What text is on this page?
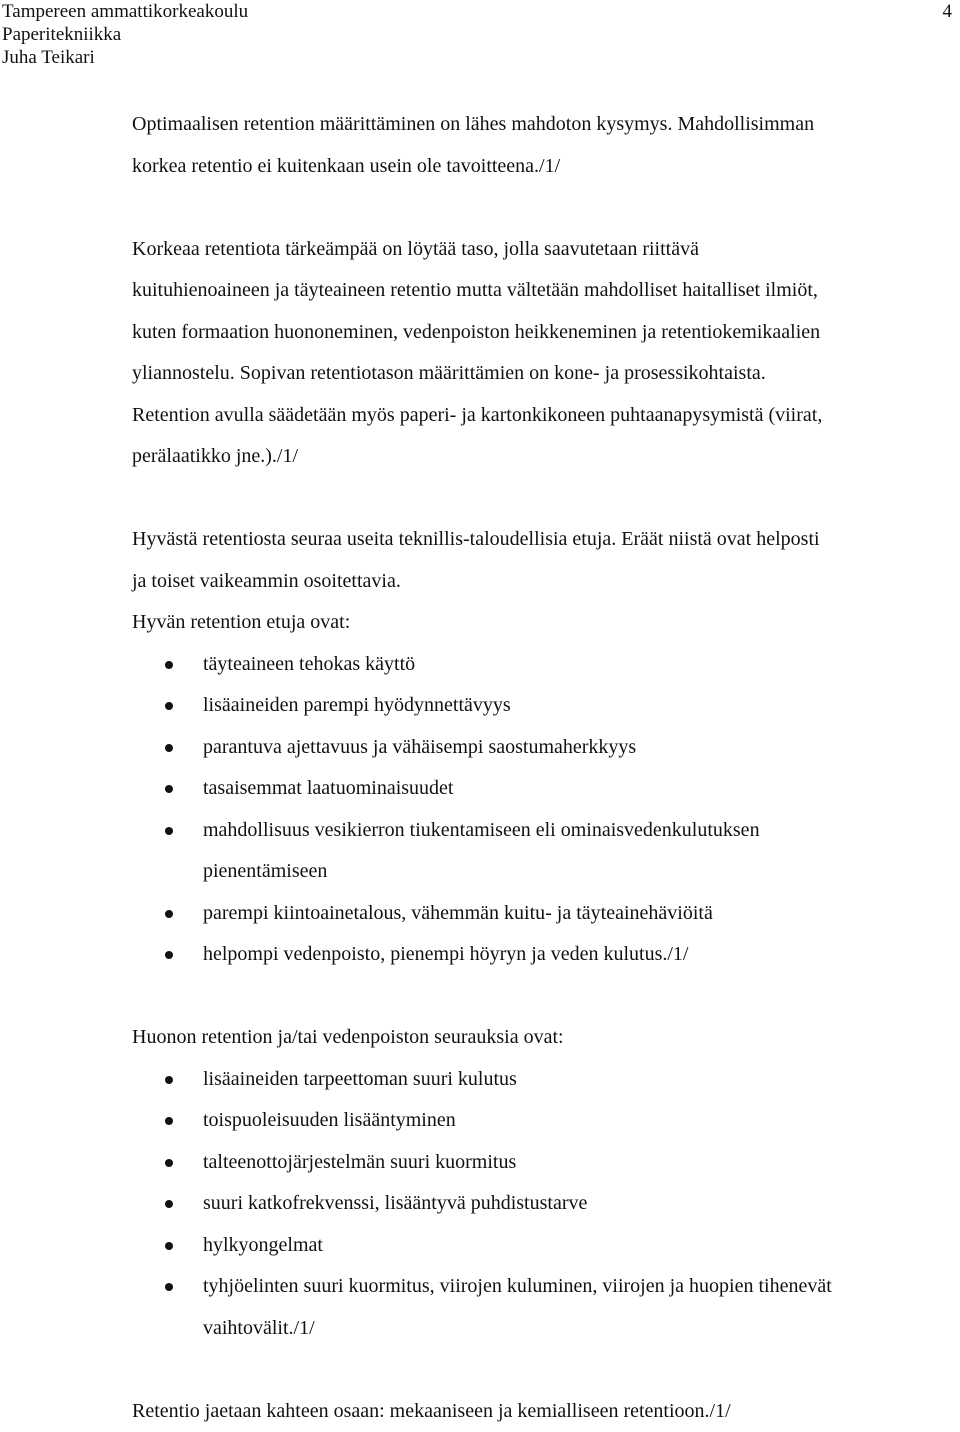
Tampereen ammattikorkeakoulu
Paperitekniikka
Juha Teikari
4

Optimaalisen retention määrittäminen on lähes mahdoton kysymys. Mahdollisimman
korkea retentio ei kuitenkaan usein ole tavoitteena./1/

Korkeaa retentiota tärkeämpää on löytää taso, jolla saavutetaan riittävä
kuituhienoaineen ja täyteaineen retentio mutta vältetään mahdolliset haitalliset ilmiöt,
kuten formaation huononeminen, vedenpoiston heikkeneminen ja retentiokemikaalien
yliannostelu. Sopivan retentiotason määrittämien on kone- ja prosessikohtaista.
Retention avulla säädetään myös paperi- ja kartonkikoneen puhtaanapysymistä (viirat,
perälaatikko jne.)./1/

Hyvästä retentiosta seuraa useita teknillis-taloudellisia etuja. Eräät niistä ovat helposti
ja toiset vaikeammin osoitettavia.
Hyvän retention etuja ovat:

täyteaineen tehokas käyttö
lisäaineiden parempi hyödynnettävyys
parantuva ajettavuus ja vähäisempi saostumaherkkyys
tasaisemmat laatuominaisuudet
mahdollisuus vesikierron tiukentamiseen eli ominaisvedenkulutuksen
pienentämiseen
parempi kiintoainetalous, vähemmän kuitu- ja täyteainehäviöitä
helpompi vedenpoisto, pienempi höyryn ja veden kulutus./1/

Huonon retention ja/tai vedenpoiston seurauksia ovat:

lisäaineiden tarpeettoman suuri kulutus
toispuoleisuuden lisääntyminen
talteenottojärjestelmän suuri kuormitus
suuri katkofrekvenssi, lisääntyvä puhdistustarve
hylkyongelmat
tyhjöelinten suuri kuormitus, viirojen kuluminen, viirojen ja huopien tihenevät
vaihtovälit./1/

Retentio jaetaan kahteen osaan: mekaaniseen ja kemialliseen retentioon./1/
